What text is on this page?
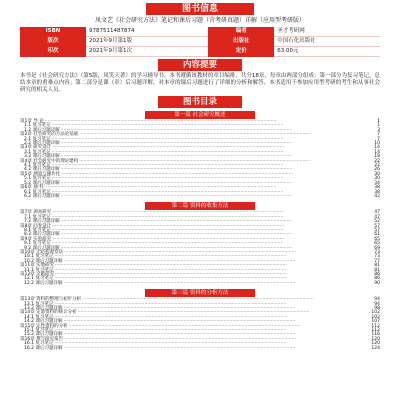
图书信息
凤文艺《社会研究方法》笔记和课后习题（含考研真题）详解（应用型考研版）
ISBN	9787511487874	编者	圣才考研网
版次	2021年9月第1版	出版社	中国石化出版社
印次	2021年9月第1次	定价	63.00元
内容提要
本书是《社会研究方法》（第5版，风笑天著）的学习辅导书。本书遵循该教材的章目编排，共分18章，每章由两部分组成：第一部分为复习笔记，总结本章的重难点内容；第二部分是课（章）后习题详解，对本章的课后习题进行了详细的分析和解答。本书适用于参加应用型考研的考生和从事社会研究的相关人员。
图书目录
第一篇 社会研究概述
第1章 导 论 ·····	1
1.1 复习笔记 ·····	1
1.2 课后习题详解 ·····	3
第2章 社会研究的方法论基础 ·····	7
2.1 复习笔记 ·····	7
2.2 课后习题详解 ·····	10
第3章 研究设计 ·····	14
3.1 复习笔记 ·····	14
3.2 课后习题详解 ·····	18
第4章 社会研究中的理论建构 ·····	22
4.1 复习笔记 ·····	22
4.2 课后习题详解 ·····	26
第5章 测量与操作化 ·····	30
5.1 复习笔记 ·····	30
5.2 课后习题详解 ·····	34
第6章 抽 样 ·····	38
6.1 复习笔记 ·····	38
6.2 课后习题详解 ·····	42
第二篇 资料的收集方法
第7章 调查研究 ·····	47
7.1 复习笔记 ·····	47
7.2 课后习题详解 ·····	52
第8章 问卷设计 ·····	57
8.1 复习笔记 ·····	57
8.2 课后习题详解 ·····	61
第9章 实验研究 ·····	65
9.1 复习笔记 ·····	65
9.2 课后习题详解 ·····	69
第10章 无结构观察法 ·····	73
10.1 复习笔记 ·····	73
10.2 课后习题详解 ·····	77
第11章 实地研究 ·····	81
11.1 复习笔记 ·····	81
第12章 文献研究 ·····	86
12.1 复习笔记 ·····	86
12.2 课后习题详解 ·····	90
第三篇 资料的分析方法
第13章 资料的整理与初步分析 ·····	94
13.1 复习笔记 ·····	94
13.2 课后习题详解 ·····	98
第14章 定量资料的统计分析 ·····	102
14.1 复习笔记 ·····	102
14.2 课后习题详解 ·····	107
第15章 定性资料的分析 ·····	112
15.1 复习笔记 ·····	112
15.2 课后习题详解 ·····	116
第16章 撰写研究报告 ·····	120
16.1 复习笔记 ·····	120
16.2 课后习题详解 ·····	124
